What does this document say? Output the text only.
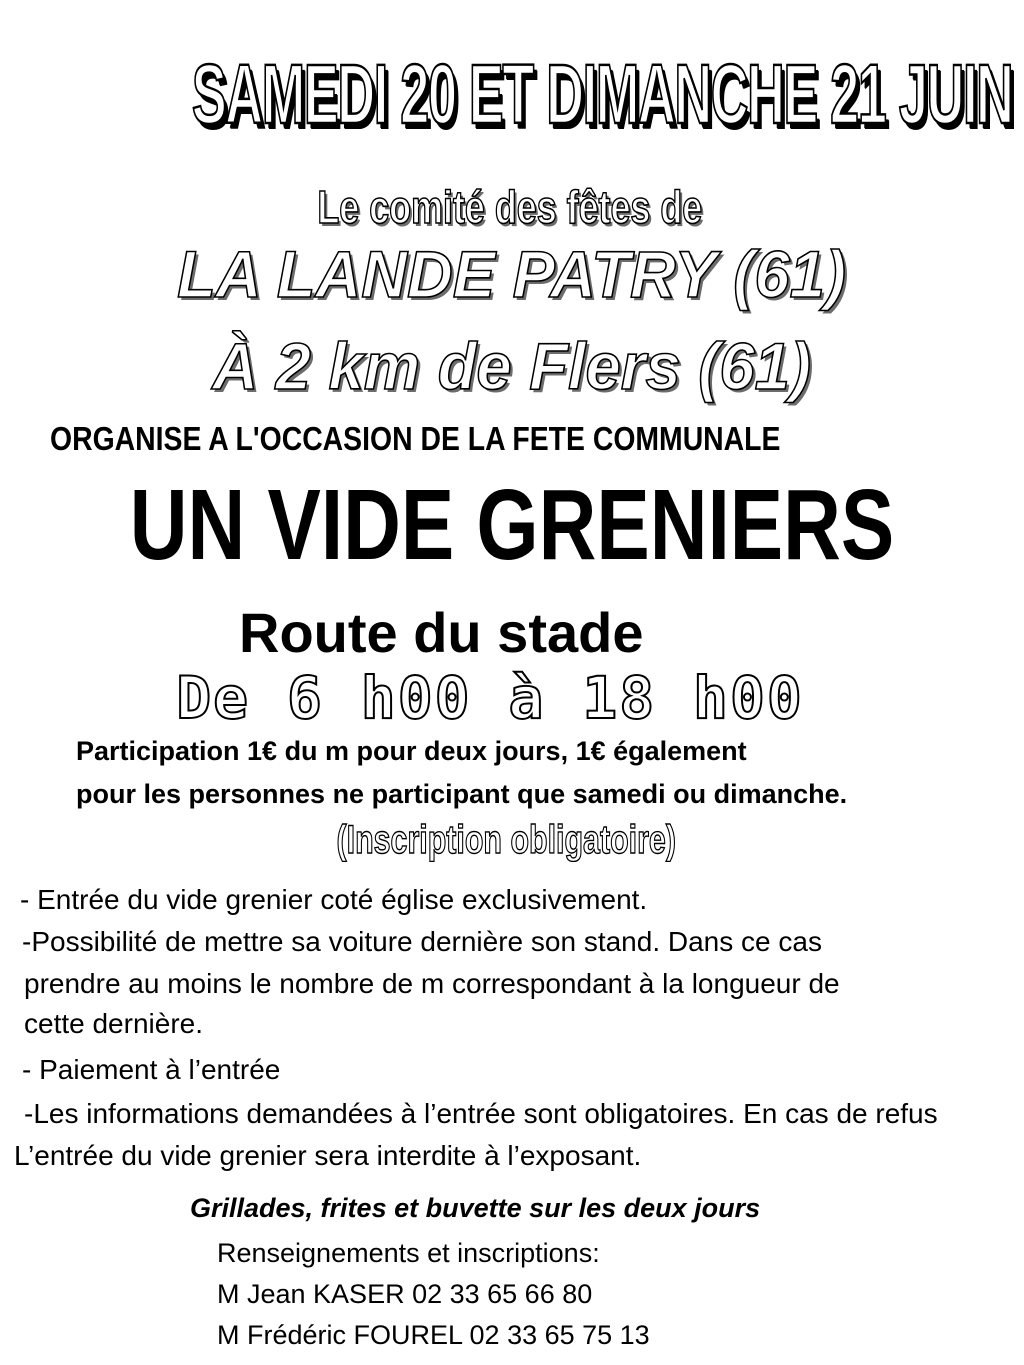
SAMEDI 20 ET DIMANCHE 21 JUIN
Le comité des fêtes de
LA LANDE PATRY (61)
À 2 km de Flers (61)
ORGANISE A L'OCCASION DE LA FETE COMMUNALE
UN VIDE GRENIERS
Route du stade
De 6 h00 à 18 h00
Participation 1€ du m pour deux jours, 1€ également
pour les personnes ne participant que samedi ou dimanche.
(Inscription obligatoire)
- Entrée du vide grenier coté église exclusivement.
-Possibilité de mettre sa voiture dernière son stand. Dans ce cas
prendre au moins le nombre de m correspondant à la longueur de
cette dernière.
- Paiement à l’entrée
-Les informations demandées à l’entrée sont obligatoires. En cas de refus
L’entrée du vide grenier sera interdite à l’exposant.
Grillades, frites et buvette sur les deux jours
Renseignements et inscriptions:
M Jean KASER 02 33 65 66 80
M Frédéric FOUREL 02 33 65 75 13
